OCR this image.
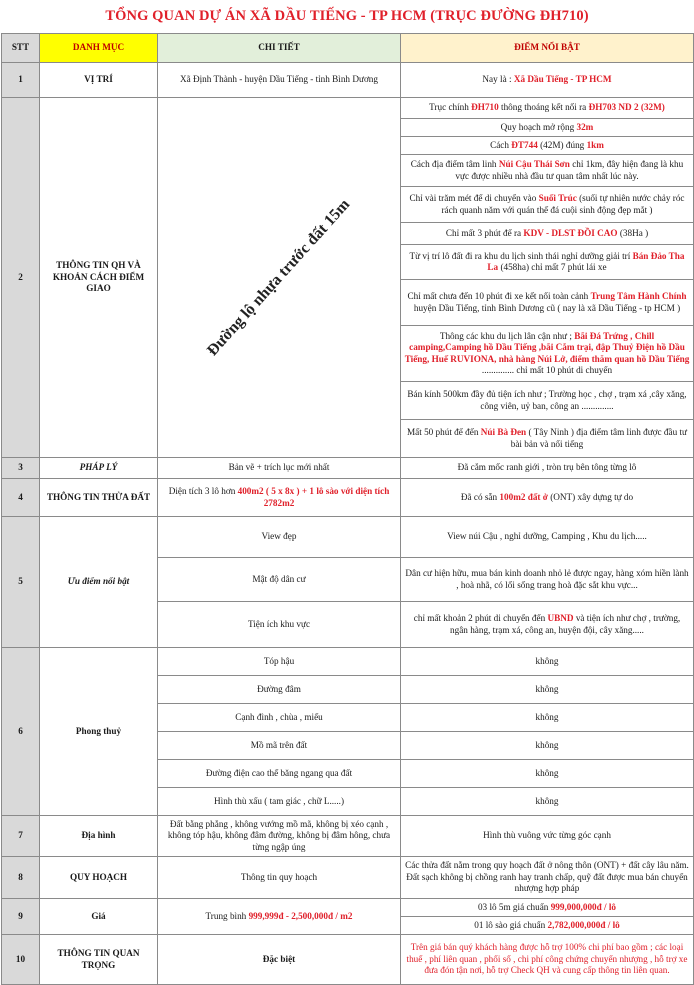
TỔNG QUAN DỰ ÁN XÃ DẦU TIẾNG - TP HCM (TRỤC ĐƯỜNG ĐH710)
STT	DANH MỤC	CHI TIẾT	ĐIỂM NỔI BẬT
1	VỊ TRÍ	Xã Định Thành - huyện Dầu Tiếng - tỉnh Bình Dương	Nay là : Xã Dầu Tiếng - TP HCM
2	THÔNG TIN QH VÀ KHOẢN CÁCH ĐIỂM GIAO	Đường lộ nhựa trước đất 15m	Trục chính ĐH710 thông thoáng kết nối ra ĐH703 ND 2 (32M)
			Quy hoạch mở rộng 32m
			Cách ĐT744 (42M) đúng 1km
			Cách địa điểm tâm linh Núi Cậu Thái Sơn chỉ 1km, đây hiện đang là khu vực được nhiều nhà đầu tư quan tâm nhất lúc này.
			Chỉ vài trăm mét để di chuyển vào Suối Trúc (suối tự nhiên nước chảy róc rách quanh năm với quán thế đá cuội sinh động đẹp mắt )
			Chỉ mất 3 phút để ra KDV - DLST ĐỒI CAO (38Ha )
			Từ vị trí lô đất đi ra khu du lịch sinh thái nghỉ dưỡng giải trí Bán Đảo Tha La (458ha) chỉ mất 7 phút lái xe
			Chỉ mất chưa đến 10 phút đi xe kết nối toàn cảnh Trung Tâm Hành Chính huyện Dầu Tiếng, tỉnh Bình Dương cũ ( nay là xã Dầu Tiếng - tp HCM )
			Thông các khu du lịch lân cận như ; Bãi Đá Trứng , Chill camping,Camping hồ Dầu Tiếng ,bãi Cắm trại, đập Thuỷ Điện hồ Dầu Tiếng, Huế RUVIONA, nhà hàng Núi Lở, điểm thăm quan hồ Dầu Tiếng .............. chỉ mất 10 phút di chuyển
			Bán kính 500km đầy đủ tiện ích như ; Trường học , chợ , trạm xá ,cây xăng, công viên, uỷ ban, công an ..............
			Mất 50 phút để đến Núi Bà Đen ( Tây Ninh ) địa điểm tâm linh được đầu tư bài bản và nổi tiếng
3	PHÁP LÝ	Bản vẽ + trích lục mới nhất	Đã cắm mốc ranh giới , tròn trụ bên tông từng lô
4	THÔNG TIN THỬA ĐẤT	Diện tích 3 lô hơn 400m2 ( 5 x 8x ) + 1 lô sào với diện tích 2782m2	Đã có sẵn 100m2 đất ở (ONT) xây dựng tự do
5	Ưu điểm nổi bật	View đẹp	View núi Cậu , nghỉ dưỡng, Camping , Khu du lịch.....
		Mật độ dân cư	Dân cư hiện hữu, mua bán kinh doanh nhỏ lẻ được ngay, hàng xóm hiền lành , hoà nhã, có lối sống trang hoà đặc sắt khu vực...
		Tiện ích khu vực	chỉ mất khoản 2 phút di chuyển đến UBND và tiện ích như chợ , trường, ngân hàng, trạm xá, công an, huyện đội, cây xăng.....
6	Phong thuỷ	Tóp hậu	không
		Đường đâm	không
		Cạnh đình , chùa , miếu	không
		Mồ mã trên đất	không
		Đường điện cao thế băng ngang qua đất	không
		Hình thù xấu ( tam giác , chữ L.....)	không
7	Địa hình	Đất bằng phẳng , không vướng mồ mã, không bị xéo cạnh , không tóp hậu, không đâm đường, không bị đâm hông, chưa từng ngập úng	Hình thù vuông vức từng góc cạnh
8	QUY HOẠCH	Thông tin quy hoạch	Các thửa đất nằm trong quy hoạch đất ở nông thôn (ONT) + đất cây lâu năm. Đất sạch không bị chồng ranh hay tranh chấp, quỹ đất được mua bán chuyển nhượng hợp pháp
9	Giá	Trung bình 999,999đ - 2,500,000đ / m2	03 lô 5m giá chuẩn 999,000,000đ / lô
			01 lô sào giá chuẩn 2,782,000,000đ / lô
10	THÔNG TIN QUAN TRỌNG	Đặc biệt	Trên giá bán quý khách hàng được hỗ trợ 100% chi phí bao gồm ; các loại thuế , phí liên quan , phối số , chi phí công chứng chuyển nhượng , hỗ trợ xe đưa đón tận nơi, hỗ trợ Check QH và cung cấp thông tin liên quan.
